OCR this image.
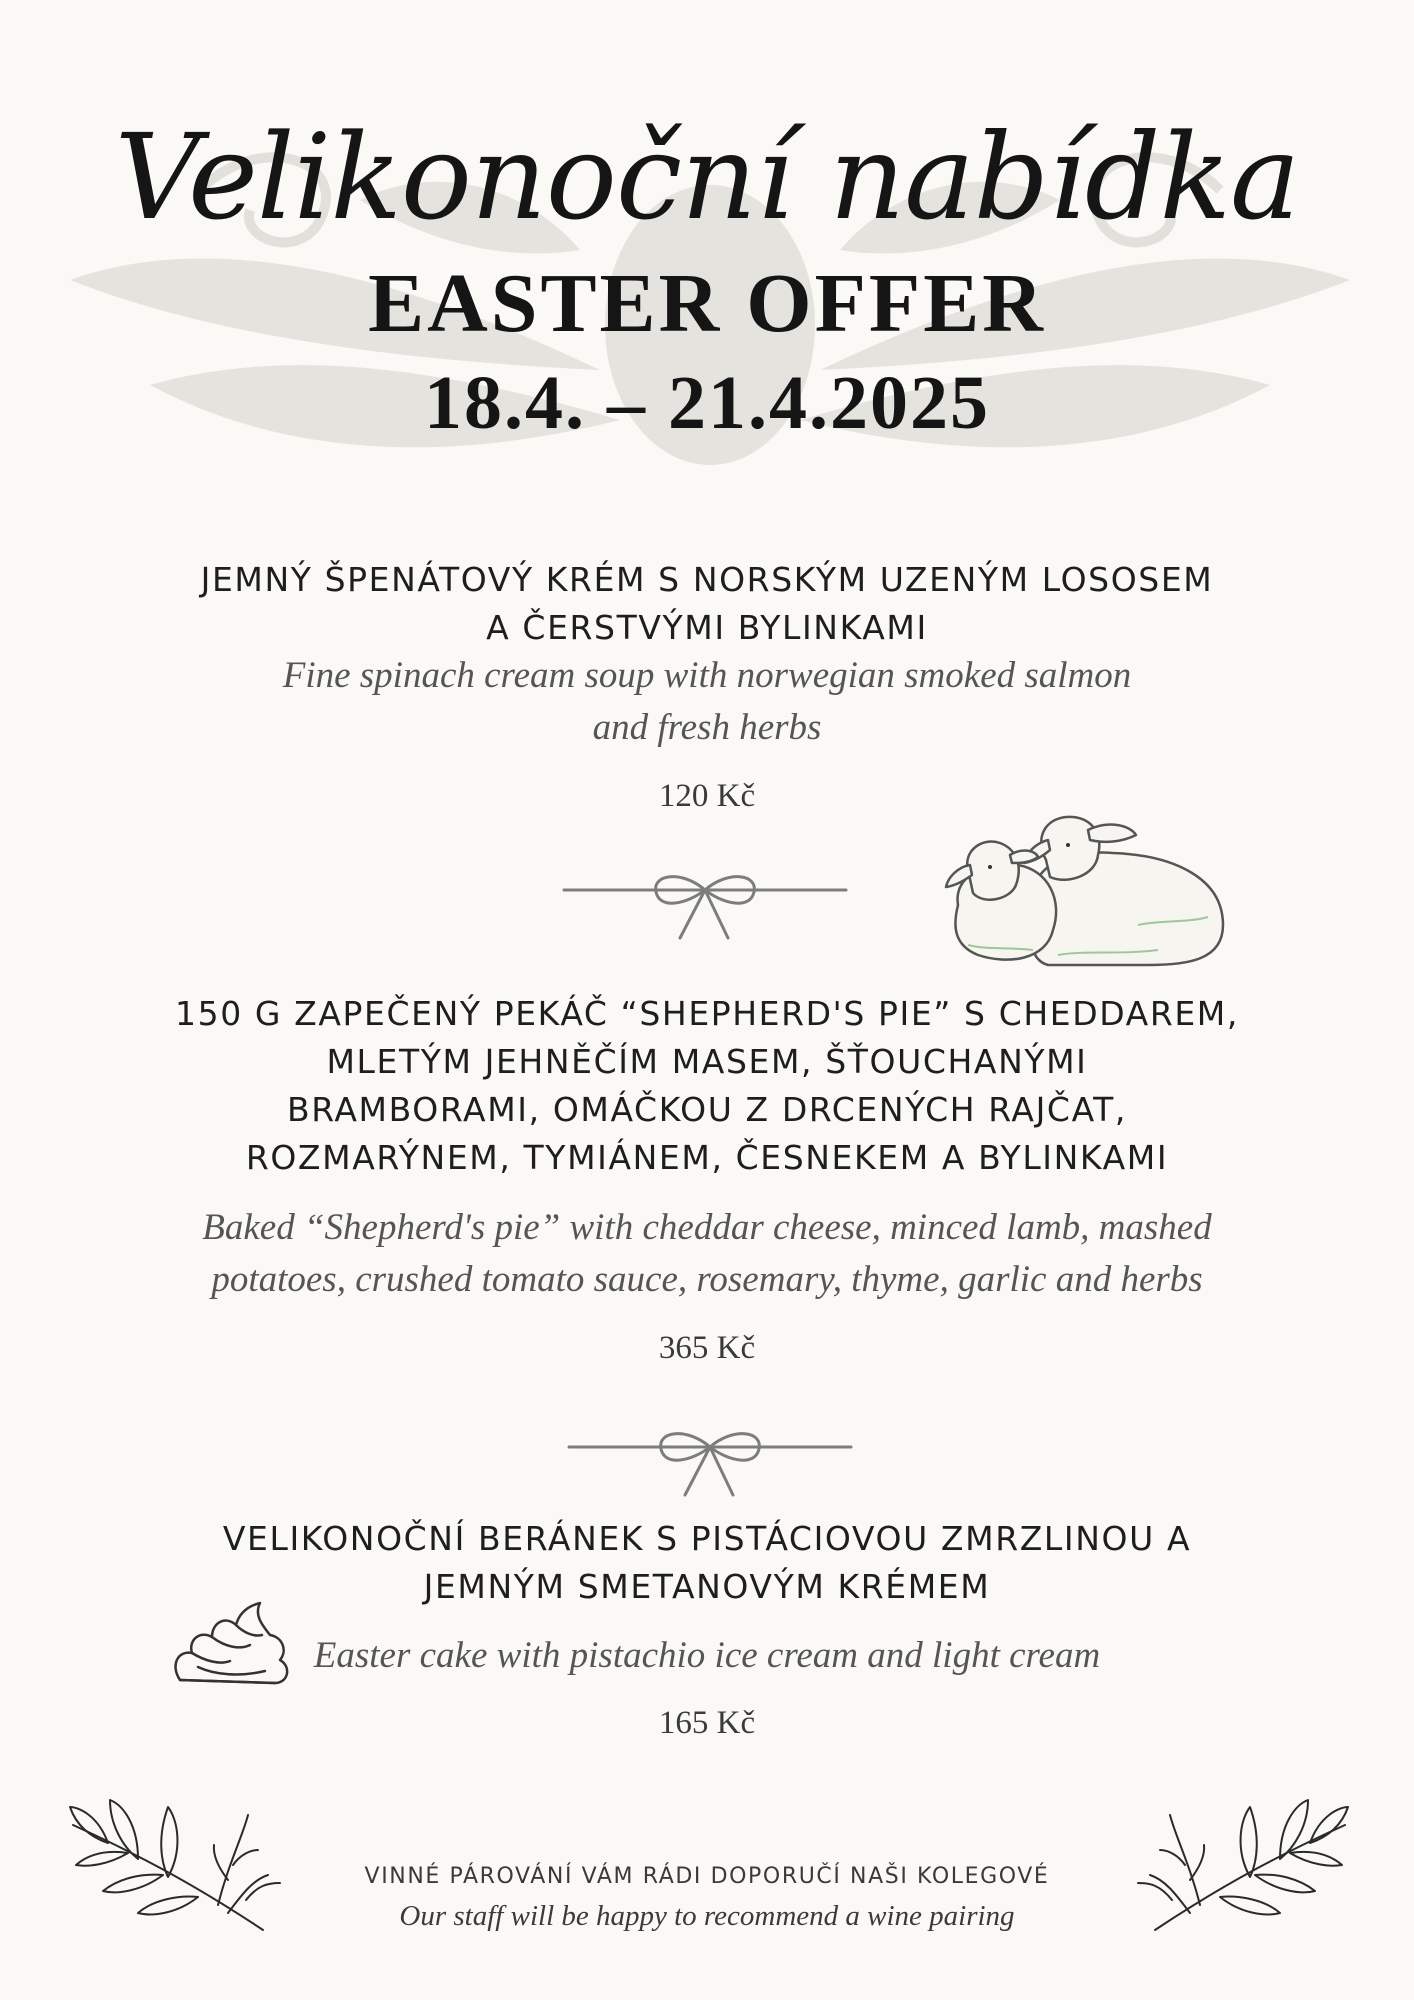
Velikonoční nabídka
EASTER OFFER
18.4. – 21.4.2025
JEMNÝ ŠPENÁTOVÝ KRÉM S NORSKÝM UZENÝM LOSOSEM
A ČERSTVÝMI BYLINKAMI
Fine spinach cream soup with norwegian smoked salmon
and fresh herbs
120 Kč
150 G ZAPEČENÝ PEKÁČ “SHEPHERD'S PIE” S CHEDDAREM,
MLETÝM JEHNĚČÍM MASEM, ŠŤOUCHANÝMI
BRAMBORAMI, OMÁČKOU Z DRCENÝCH RAJČAT,
ROZMARÝNEM, TYMIÁNEM, ČESNEKEM A BYLINKAMI
Baked “Shepherd's pie” with cheddar cheese, minced lamb, mashed
potatoes, crushed tomato sauce, rosemary, thyme, garlic and herbs
365 Kč
VELIKONOČNÍ BERÁNEK S PISTÁCIOVOU ZMRZLINOU A
JEMNÝM SMETANOVÝM KRÉMEM
Easter cake with pistachio ice cream and light cream
165 Kč
VINNÉ PÁROVÁNÍ VÁM RÁDI DOPORUČÍ NAŠI KOLEGOVÉ
Our staff will be happy to recommend a wine pairing
